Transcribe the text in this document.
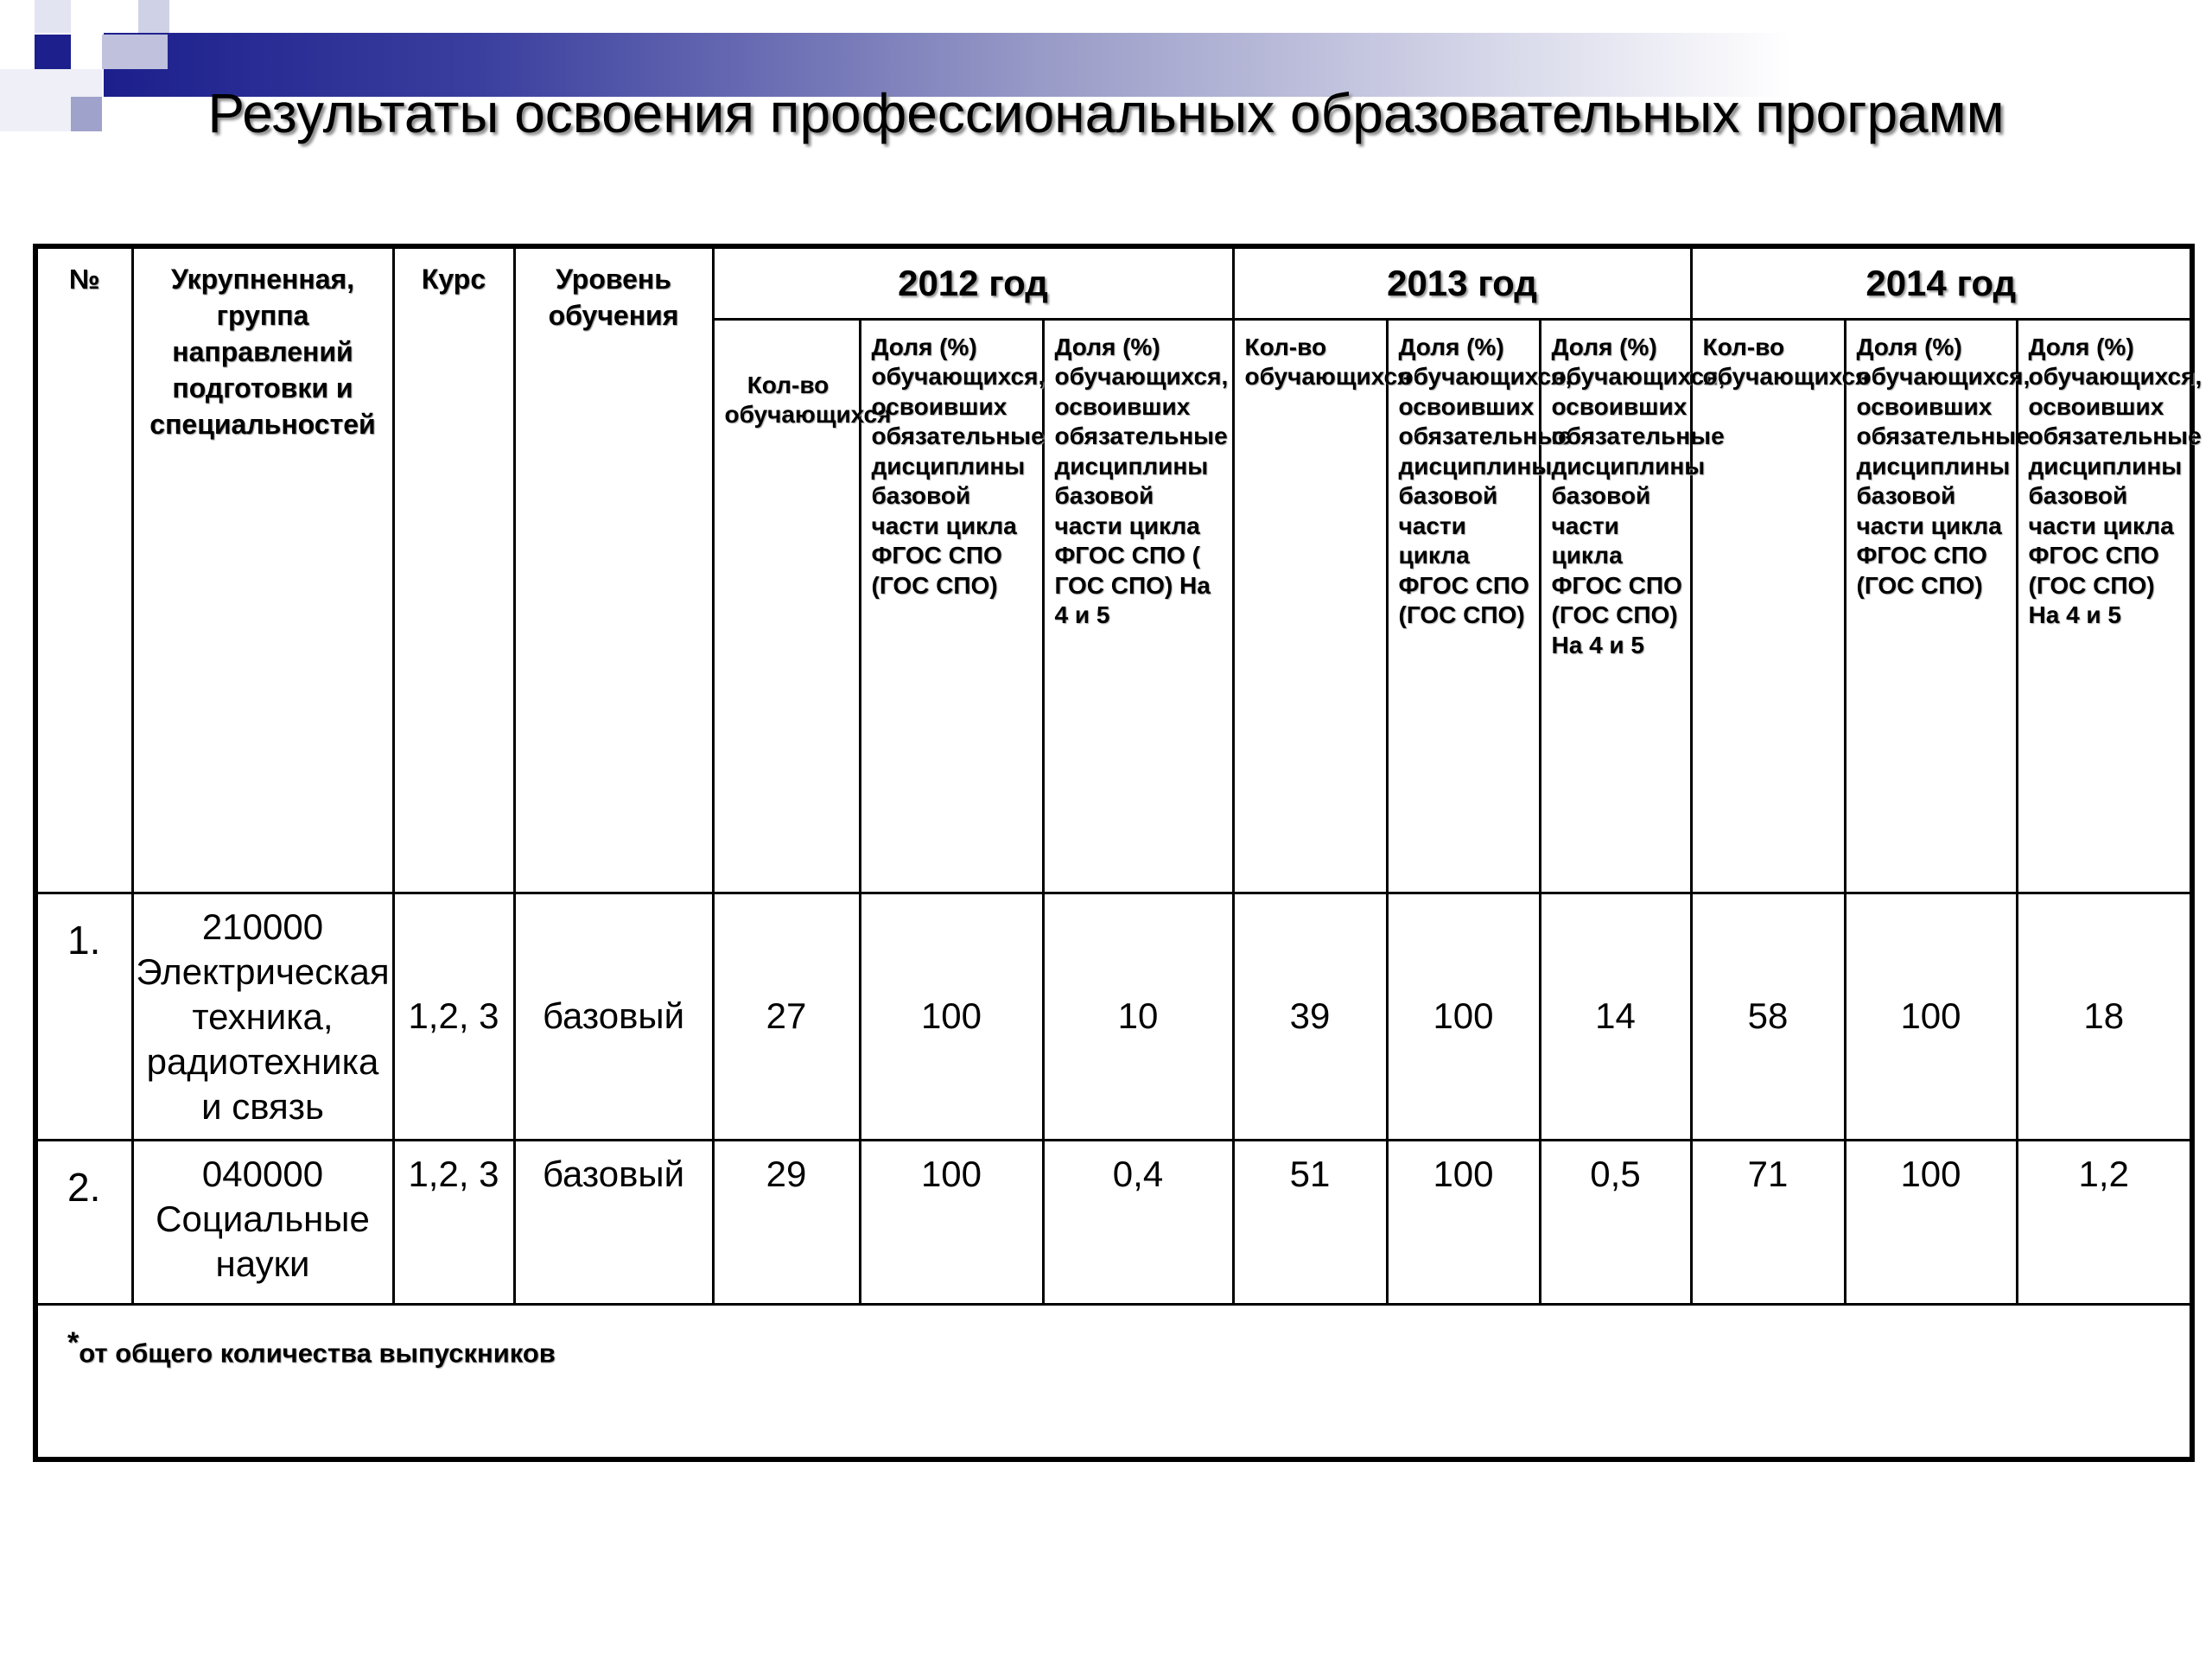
Результаты освоения профессиональных образовательных программ
№	Укрупненная, группа направлений подготовки и специальностей	Курс	Уровень обучения	2012 год			2013 год			2014 год		
				Кол-во обучающихся	Доля (%) обучающихся, освоивших обязательные дисциплины базовой части цикла ФГОС СПО (ГОС СПО)	Доля (%) обучающихся, освоивших обязательные дисциплины базовой части цикла ФГОС СПО ( ГОС СПО) На 4 и 5	Кол-во обучающихся	Доля (%) обучающихся, освоивших обязательные дисциплины базовой части цикла ФГОС СПО (ГОС СПО)	Доля (%) обучающихся, освоивших обязательные дисциплины базовой части цикла ФГОС СПО (ГОС СПО) На 4 и 5	Кол-во обучающихся	Доля (%) обучающихся, освоивших обязательные дисциплины базовой части цикла ФГОС СПО (ГОС СПО)	Доля (%) обучающихся, освоивших обязательные дисциплины базовой части цикла ФГОС СПО (ГОС СПО) На 4 и 5
1.	210000 Электрическая техника, радиотехника и связь	1,2, 3	базовый	27	100	10	39	100	14	58	100	18
2.	040000 Социальные науки	1,2, 3	базовый	29	100	0,4	51	100	0,5	71	100	1,2
*от общего количества выпускников												
